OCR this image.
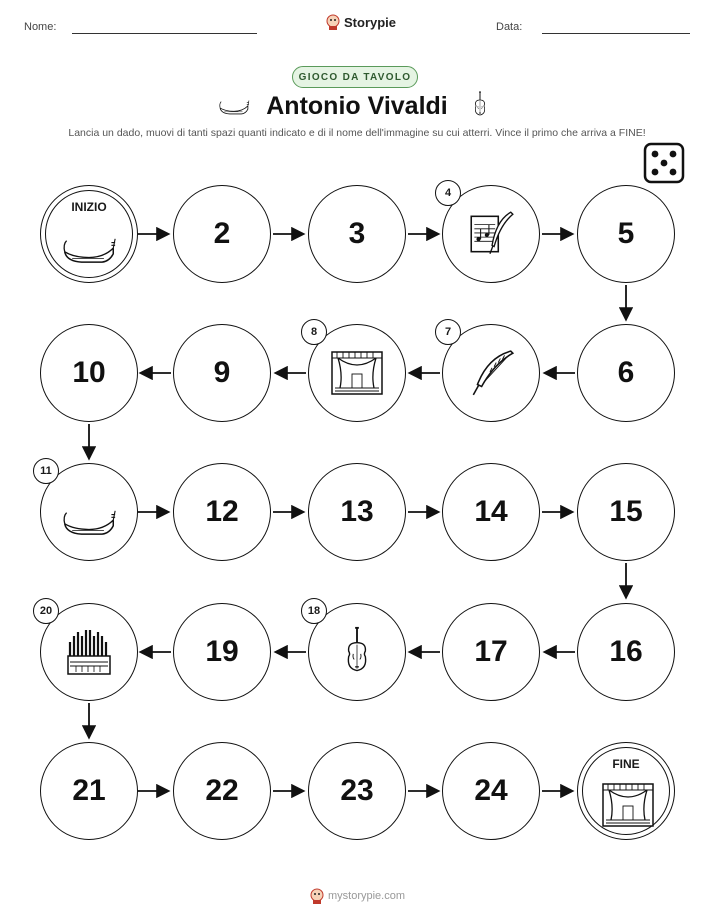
Nome:	Storypie	Data:
GIOCO DA TAVOLO
Antonio Vivaldi
Lancia un dado, muovi di tanti spazi quanti indicato e di il nome dell'immagine su cui atterri. Vince il primo che arriva a FINE!
INIZIO
2	3
4
5
6
7
8
9
10
11
12	13	14	15
16
17
18
19
20
21	22	23	24
FINE
mystorypie.com
